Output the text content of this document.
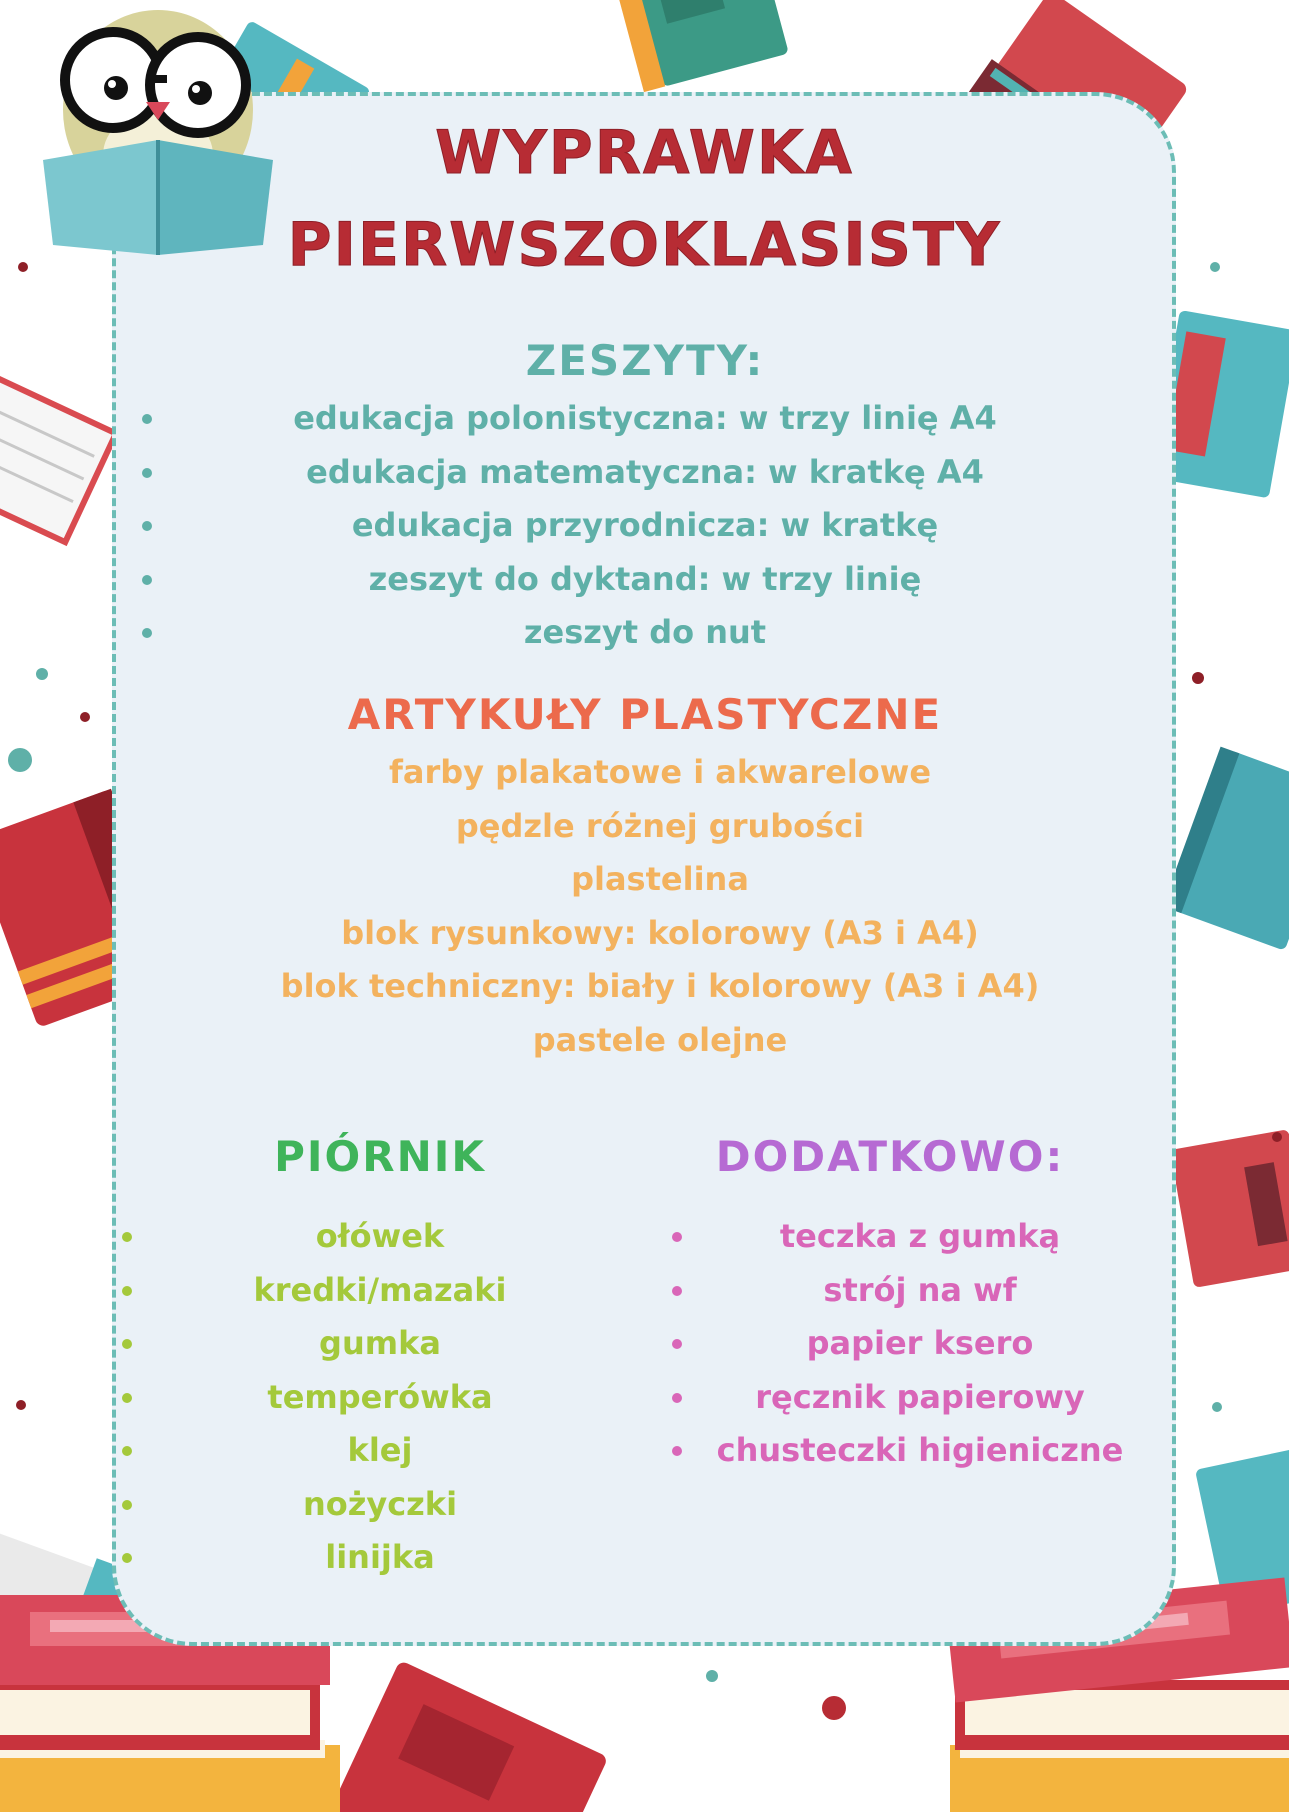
WYPRAWKA
PIERWSZOKLASISTY
ZESZYTY:
edukacja polonistyczna: w trzy linię A4
edukacja matematyczna: w kratkę A4
edukacja przyrodnicza: w kratkę
zeszyt do dyktand: w trzy linię
zeszyt do nut
ARTYKUŁY PLASTYCZNE
farby plakatowe i akwarelowe
pędzle różnej grubości
plastelina
blok rysunkowy: kolorowy (A3 i A4)
blok techniczny: biały i kolorowy (A3 i A4)
pastele olejne
PIÓRNIK
ołówek
kredki/mazaki
gumka
temperówka
klej
nożyczki
linijka
DODATKOWO:
teczka z gumką
strój na wf
papier ksero
ręcznik papierowy
chusteczki higieniczne
